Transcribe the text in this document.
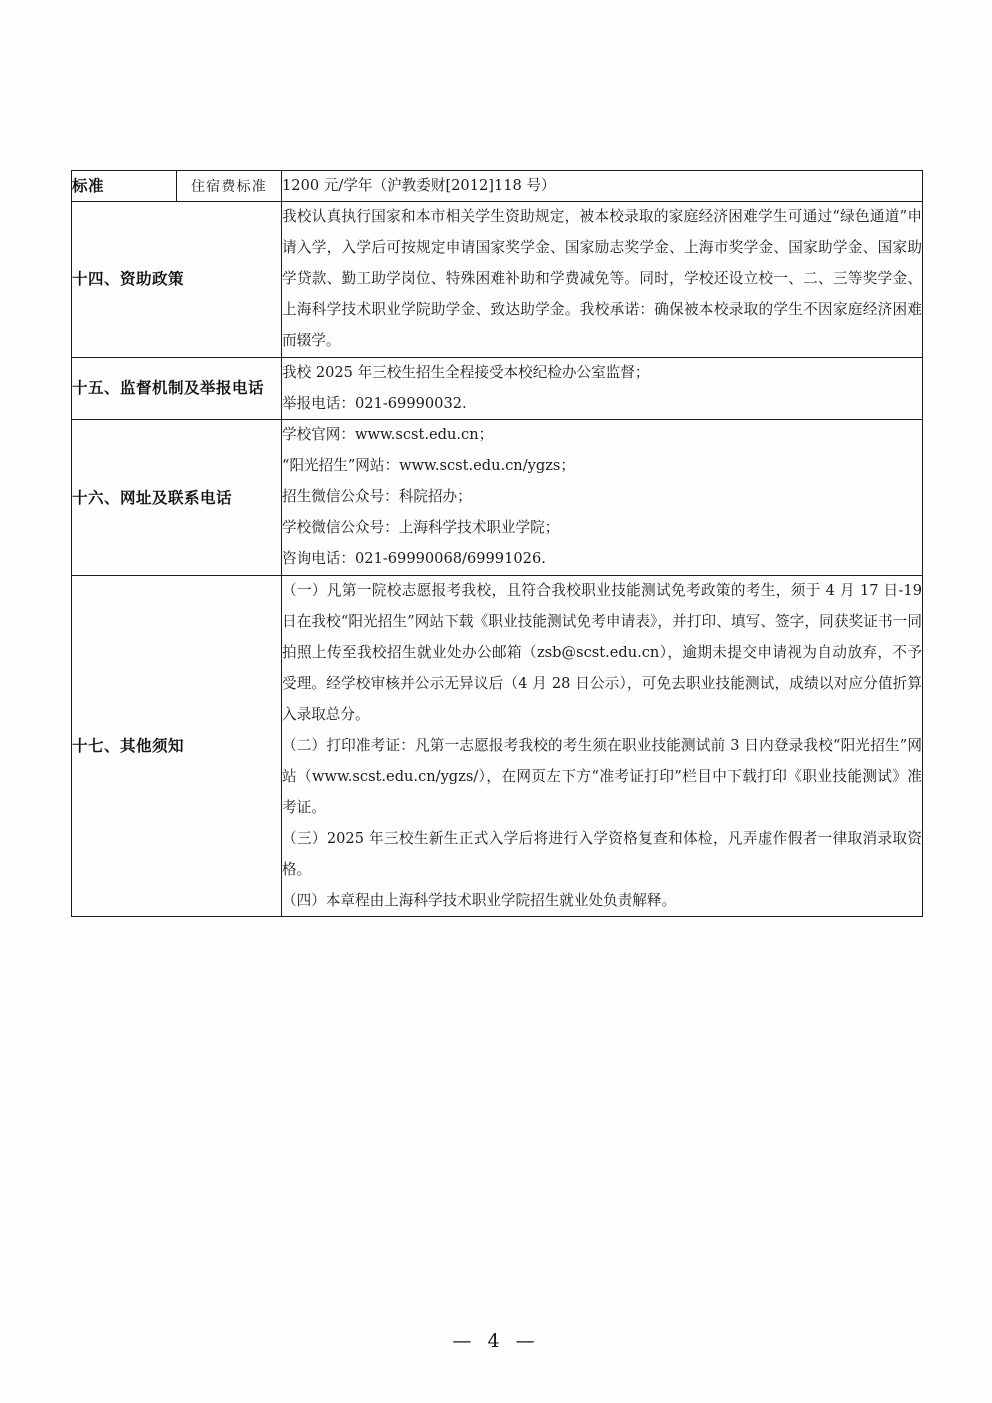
标准	住宿费标准	1200 元/学年（沪教委财[2012]118 号）
十四、资助政策		我校认真执行国家和本市相关学生资助规定，被本校录取的家庭经济困难学生可通过“绿色通道”申请入学，入学后可按规定申请国家奖学金、国家励志奖学金、上海市奖学金、国家助学金、国家助学贷款、勤工助学岗位、特殊困难补助和学费减免等。同时，学校还设立校一、二、三等奖学金、上海科学技术职业学院助学金、致达助学金。我校承诺：确保被本校录取的学生不因家庭经济困难而辍学。

十五、监督机制及举报电话		我校 2025 年三校生招生全程接受本校纪检办公室监督；

举报电话：021-69990032.

十六、网址及联系电话		学校官网：www.scst.edu.cn；

“阳光招生”网站：www.scst.edu.cn/ygzs；

招生微信公众号：科院招办；

学校微信公众号：上海科学技术职业学院；

咨询电话：021-69990068/69991026.

十七、其他须知		（一）凡第一院校志愿报考我校，且符合我校职业技能测试免考政策的考生，须于 4 月 17 日-19 日在我校“阳光招生”网站下载《职业技能测试免考申请表》，并打印、填写、签字，同获奖证书一同拍照上传至我校招生就业处办公邮箱（zsb@scst.edu.cn），逾期未提交申请视为自动放弃，不予受理。经学校审核并公示无异议后（4 月 28 日公示），可免去职业技能测试，成绩以对应分值折算入录取总分。

（二）打印准考证：凡第一志愿报考我校的考生须在职业技能测试前 3 日内登录我校“阳光招生”网站（www.scst.edu.cn/ygzs/），在网页左下方“准考证打印”栏目中下载打印《职业技能测试》准考证。

（三）2025 年三校生新生正式入学后将进行入学资格复查和体检，凡弄虚作假者一律取消录取资格。

（四）本章程由上海科学技术职业学院招生就业处负责解释。

— 4 —
